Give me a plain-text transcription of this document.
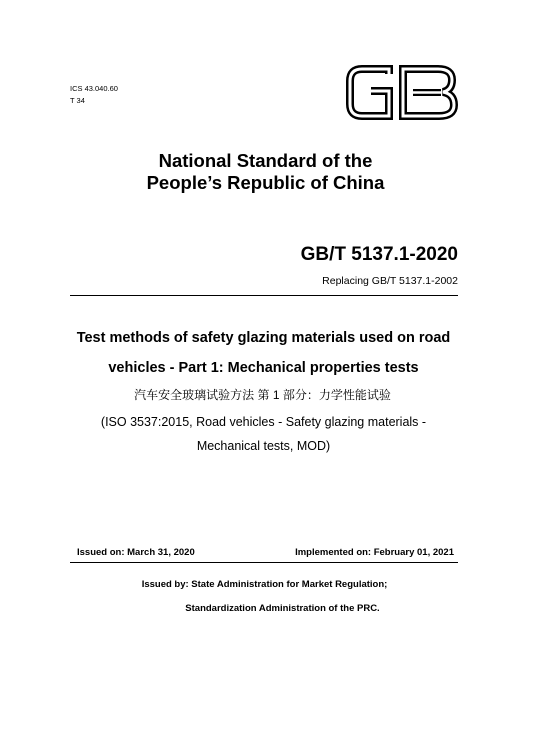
ICS 43.040.60
T 34
National Standard of the
People’s Republic of China
GB/T 5137.1-2020
Replacing GB/T 5137.1-2002
Test methods of safety glazing materials used on road
vehicles - Part 1: Mechanical properties tests
汽车安全玻璃试验方法 第 1 部分：力学性能试验
(ISO 3537:2015, Road vehicles - Safety glazing materials -
Mechanical tests, MOD)
Issued on: March 31, 2020	Implemented on: February 01, 2021
Issued by: State Administration for Market Regulation;
Standardization Administration of the PRC.
